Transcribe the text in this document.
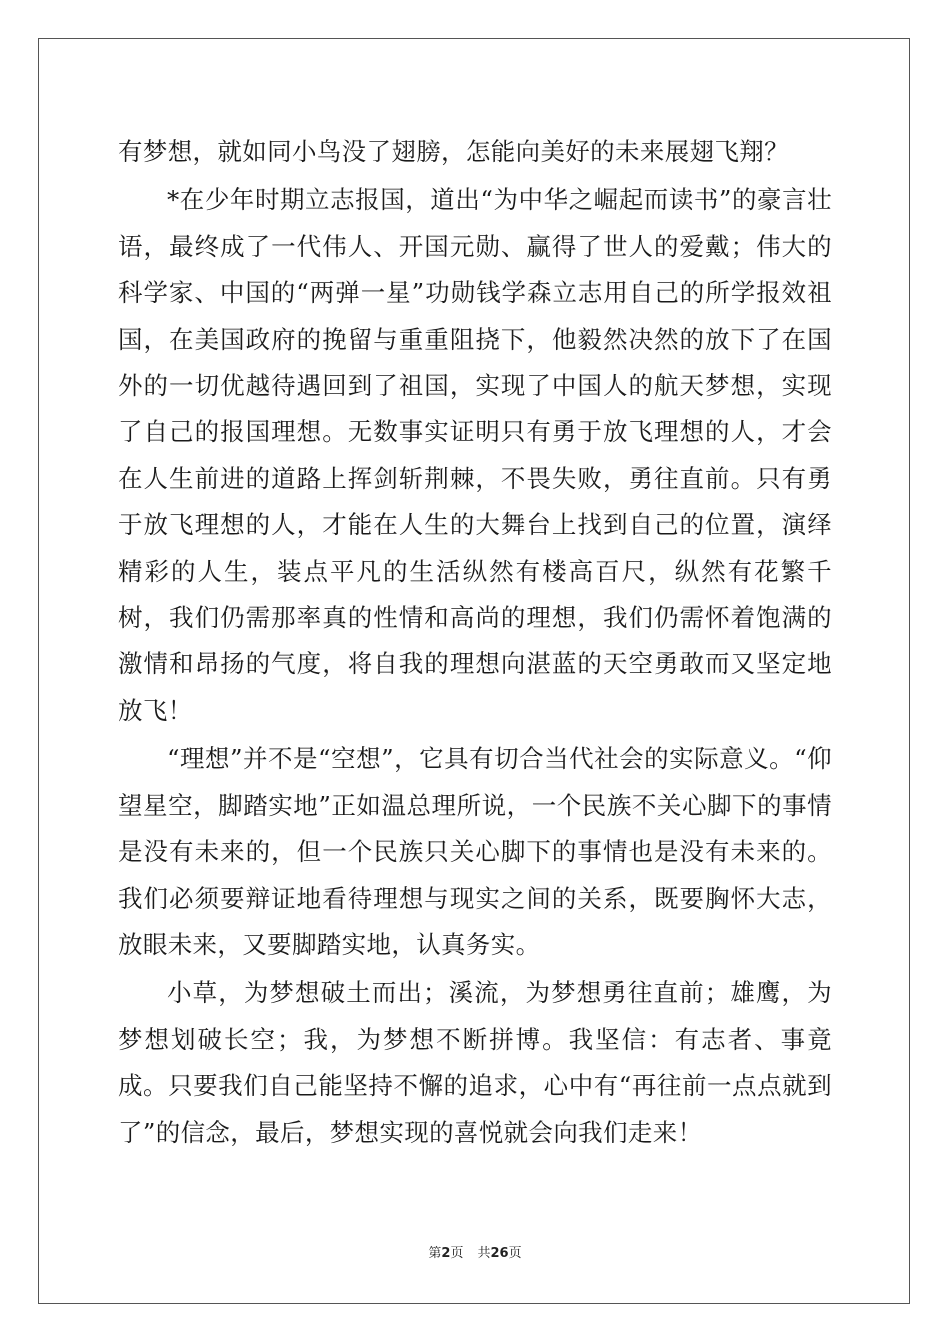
有梦想，就如同小鸟没了翅膀，怎能向美好的未来展翅飞翔？

*在少年时期立志报国，道出“为中华之崛起而读书”的豪言壮语，最终成了一代伟人、开国元勋、赢得了世人的爱戴；伟大的科学家、中国的“两弹一星”功勋钱学森立志用自己的所学报效祖国，在美国政府的挽留与重重阻挠下，他毅然决然的放下了在国外的一切优越待遇回到了祖国，实现了中国人的航天梦想，实现了自己的报国理想。无数事实证明只有勇于放飞理想的人，才会在人生前进的道路上挥剑斩荆棘，不畏失败，勇往直前。只有勇于放飞理想的人，才能在人生的大舞台上找到自己的位置，演绎精彩的人生，装点平凡的生活纵然有楼高百尺，纵然有花繁千树，我们仍需那率真的性情和高尚的理想，我们仍需怀着饱满的激情和昂扬的气度，将自我的理想向湛蓝的天空勇敢而又坚定地放飞！

“理想”并不是“空想”，它具有切合当代社会的实际意义。“仰望星空，脚踏实地”正如温总理所说，一个民族不关心脚下的事情是没有未来的，但一个民族只关心脚下的事情也是没有未来的。我们必须要辩证地看待理想与现实之间的关系，既要胸怀大志，放眼未来，又要脚踏实地，认真务实。

小草，为梦想破土而出；溪流，为梦想勇往直前；雄鹰，为梦想划破长空；我，为梦想不断拼博。我坚信：有志者、事竟成。只要我们自己能坚持不懈的追求，心中有“再往前一点点就到了”的信念，最后，梦想实现的喜悦就会向我们走来！

第2页 共26页
